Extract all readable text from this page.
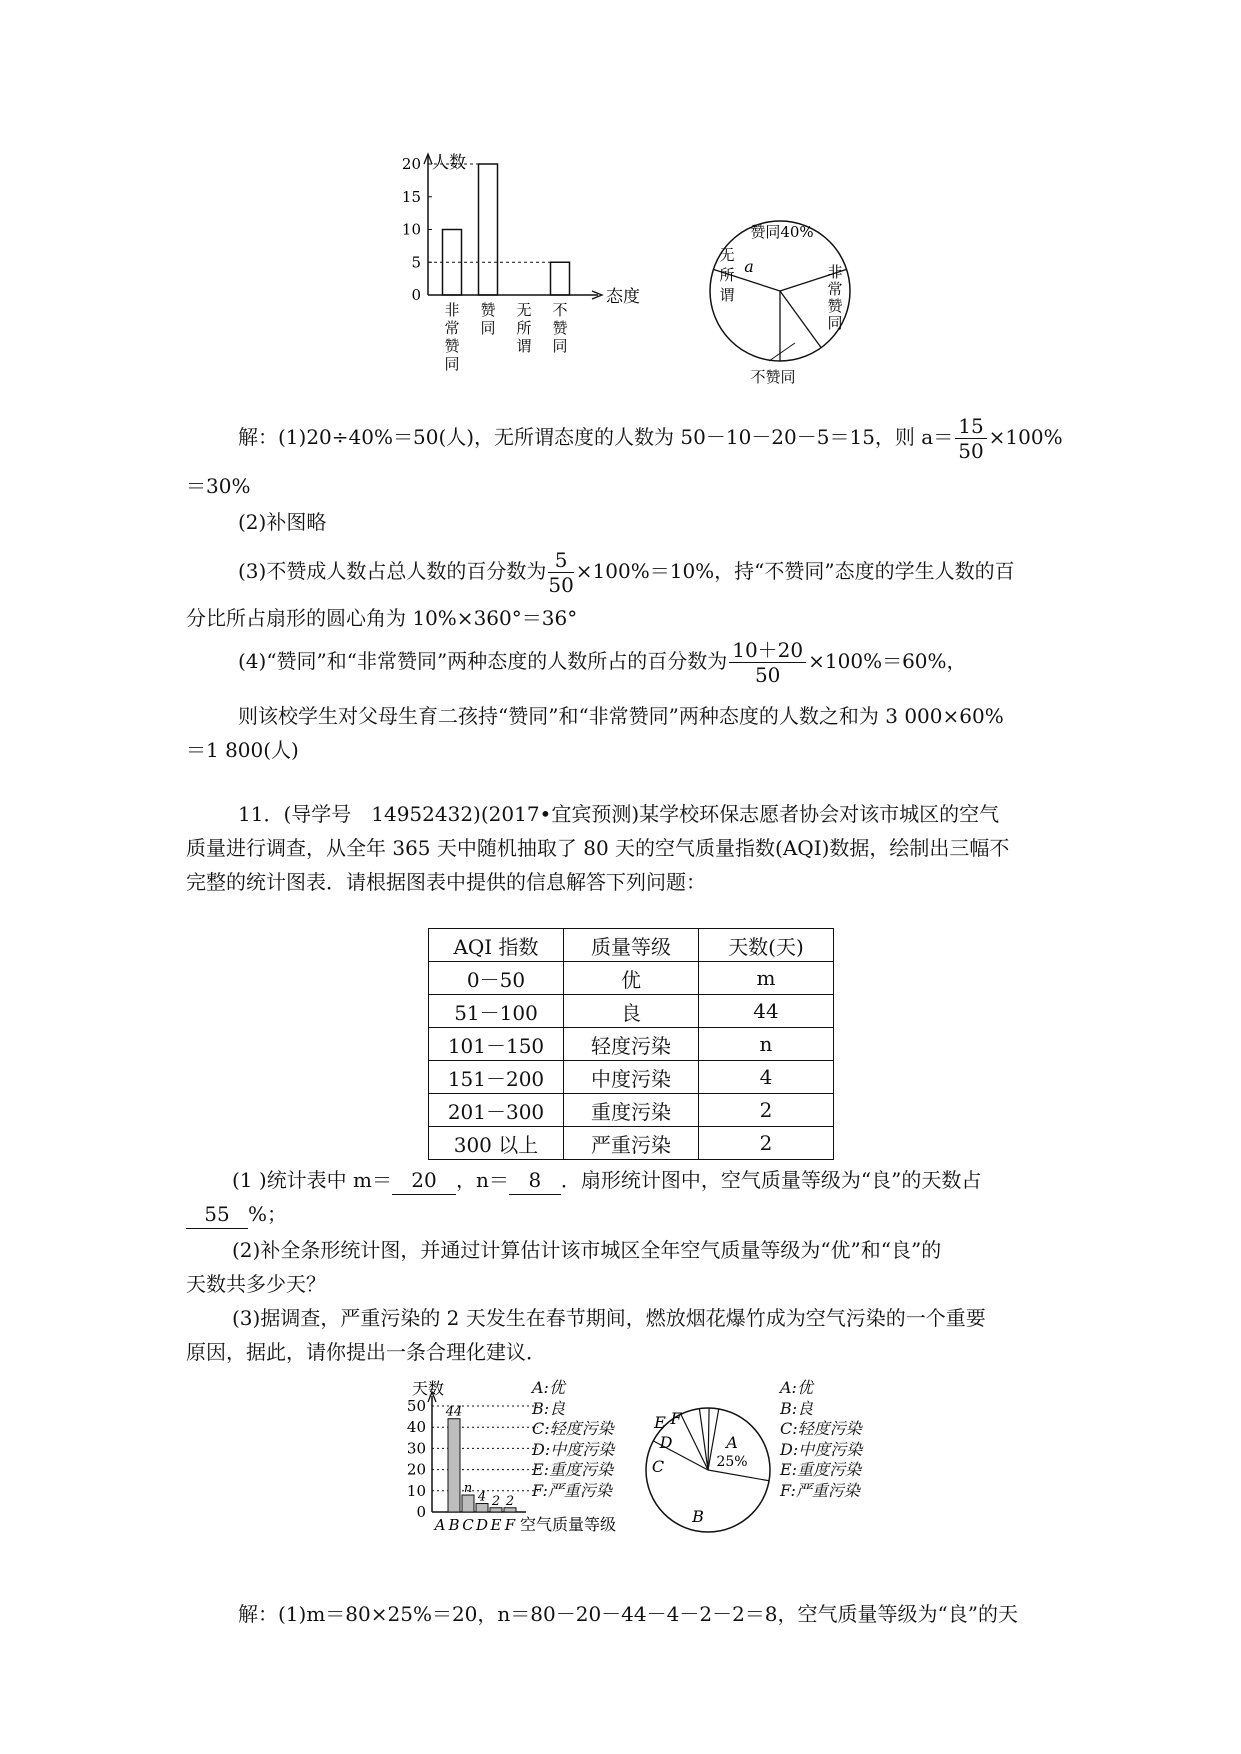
人数
0
5
10
15
20
态度
非
常
赞
同
赞
同
无
所
谓
不
赞
同
赞同40%
非
常
赞
同
无
所
谓
a
不赞同
解：(1)20÷40%＝50(人)，无所谓态度的人数为 50－10－20－5＝15，则 $a= \frac{15}{50} \times 100\%$
＝30%
(2)补图略
(3)不赞成人数占总人数的百分数为 $\frac{5}{50} \times 100\%=10\%$，持“不赞同”态度的学生人数的百
分比所占扇形的圆心角为 10%×360°＝36°
(4)“赞同”和“非常赞同”两种态度的人数所占的百分数为 $\frac{10+20}{50} \times 100\%=60\%$，
则该校学生对父母生育二孩持“赞同”和“非常赞同”两种态度的人数之和为 3 000×60%
＝1 800(人)
11．(导学号　14952432)(2017•宜宾预测)某学校环保志愿者协会对该市城区的空气
质量进行调查，从全年 365 天中随机抽取了 80 天的空气质量指数(AQI)数据，绘制出三幅不
完整的统计图表．请根据图表中提供的信息解答下列问题：
AQI 指数	质量等级	天数(天)
0－50	优	m
51－100	良	44
101－150	轻度污染	n
151－200	中度污染	4
201－300	重度污染	2
300 以上	严重污染	2
(1 )统计表中 m＝ 20 ，n＝ 8 ．扇形统计图中，空气质量等级为“良”的天数占
55 %；
(2)补全条形统计图，并通过计算估计该市城区全年空气质量等级为“优”和“良”的
天数共多少天？
(3)据调查，严重污染的 2 天发生在春节期间，燃放烟花爆竹成为空气污染的一个重要
原因，据此，请你提出一条合理化建议．
天数
0
10
20
30
40
50
A
44
B
n
C
4
D
2
E
2
F 空气质量等级
A:优
B:良
C:轻度污染
D:中度污染
E:重度污染
F:严重污染
A
B
C
D
E F
25%
A:优
B:良
C:轻度污染
D:中度污染
E:重度污染
F:严重污染
解：(1)m＝80×25%＝20，n＝80－20－44－4－2－2＝8，空气质量等级为“良”的天
